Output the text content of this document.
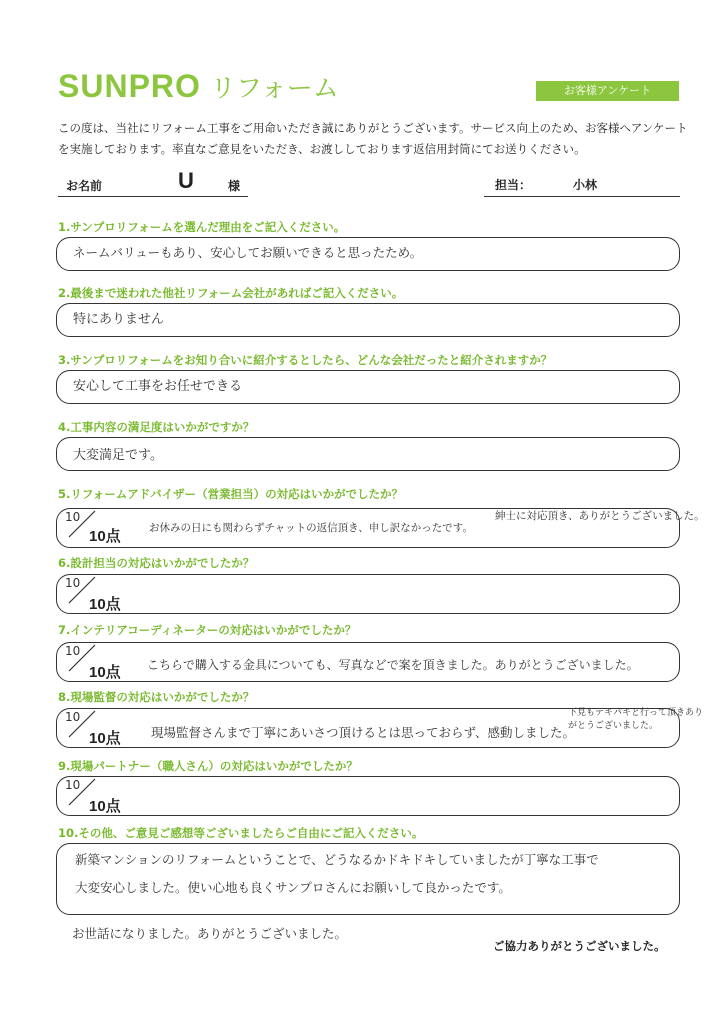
SUNPRO リフォーム	お客様アンケート
この度は、当社にリフォーム工事をご用命いただき誠にありがとうございます。サービス向上のため、お客様へアンケートを実施しております。率直なご意見をいただき、お渡ししております返信用封筒にてお送りください。
お名前	U	様	担当：	小林
1.サンプロリフォームを選んだ理由をご記入ください。
ネームバリューもあり、安心してお願いできると思ったため。
2.最後まで迷われた他社リフォーム会社があればご記入ください。
特にありません
3.サンプロリフォームをお知り合いに紹介するとしたら、どんな会社だったと紹介されますか？
安心して工事をお任せできる
4.工事内容の満足度はいかがですか？
大変満足です。
5.リフォームアドバイザー（営業担当）の対応はいかがでしたか？
10
10点	お休みの日にも関わらずチャットの返信頂き、申し訳なかったです。
紳士に対応頂き、ありがとうございました。
6.設計担当の対応はいかがでしたか？
10
10点
7.インテリアコーディネーターの対応はいかがでしたか？
10
10点 こちらで購入する金具についても、写真などで案を頂きました。ありがとうございました。
8.現場監督の対応はいかがでしたか？
10
10点 現場監督さんまで丁寧にあいさつ頂けるとは思っておらず、感動しました。
下見もテキパキと行って頂きありがとうございました。
9.現場パートナー（職人さん）の対応はいかがでしたか？
10
10点
10.その他、ご意見ご感想等ございましたらご自由にご記入ください。
新築マンションのリフォームということで、どうなるかドキドキしていましたが丁寧な工事で
大変安心しました。使い心地も良くサンプロさんにお願いして良かったです。
お世話になりました。ありがとうございました。
ご協力ありがとうございました。
